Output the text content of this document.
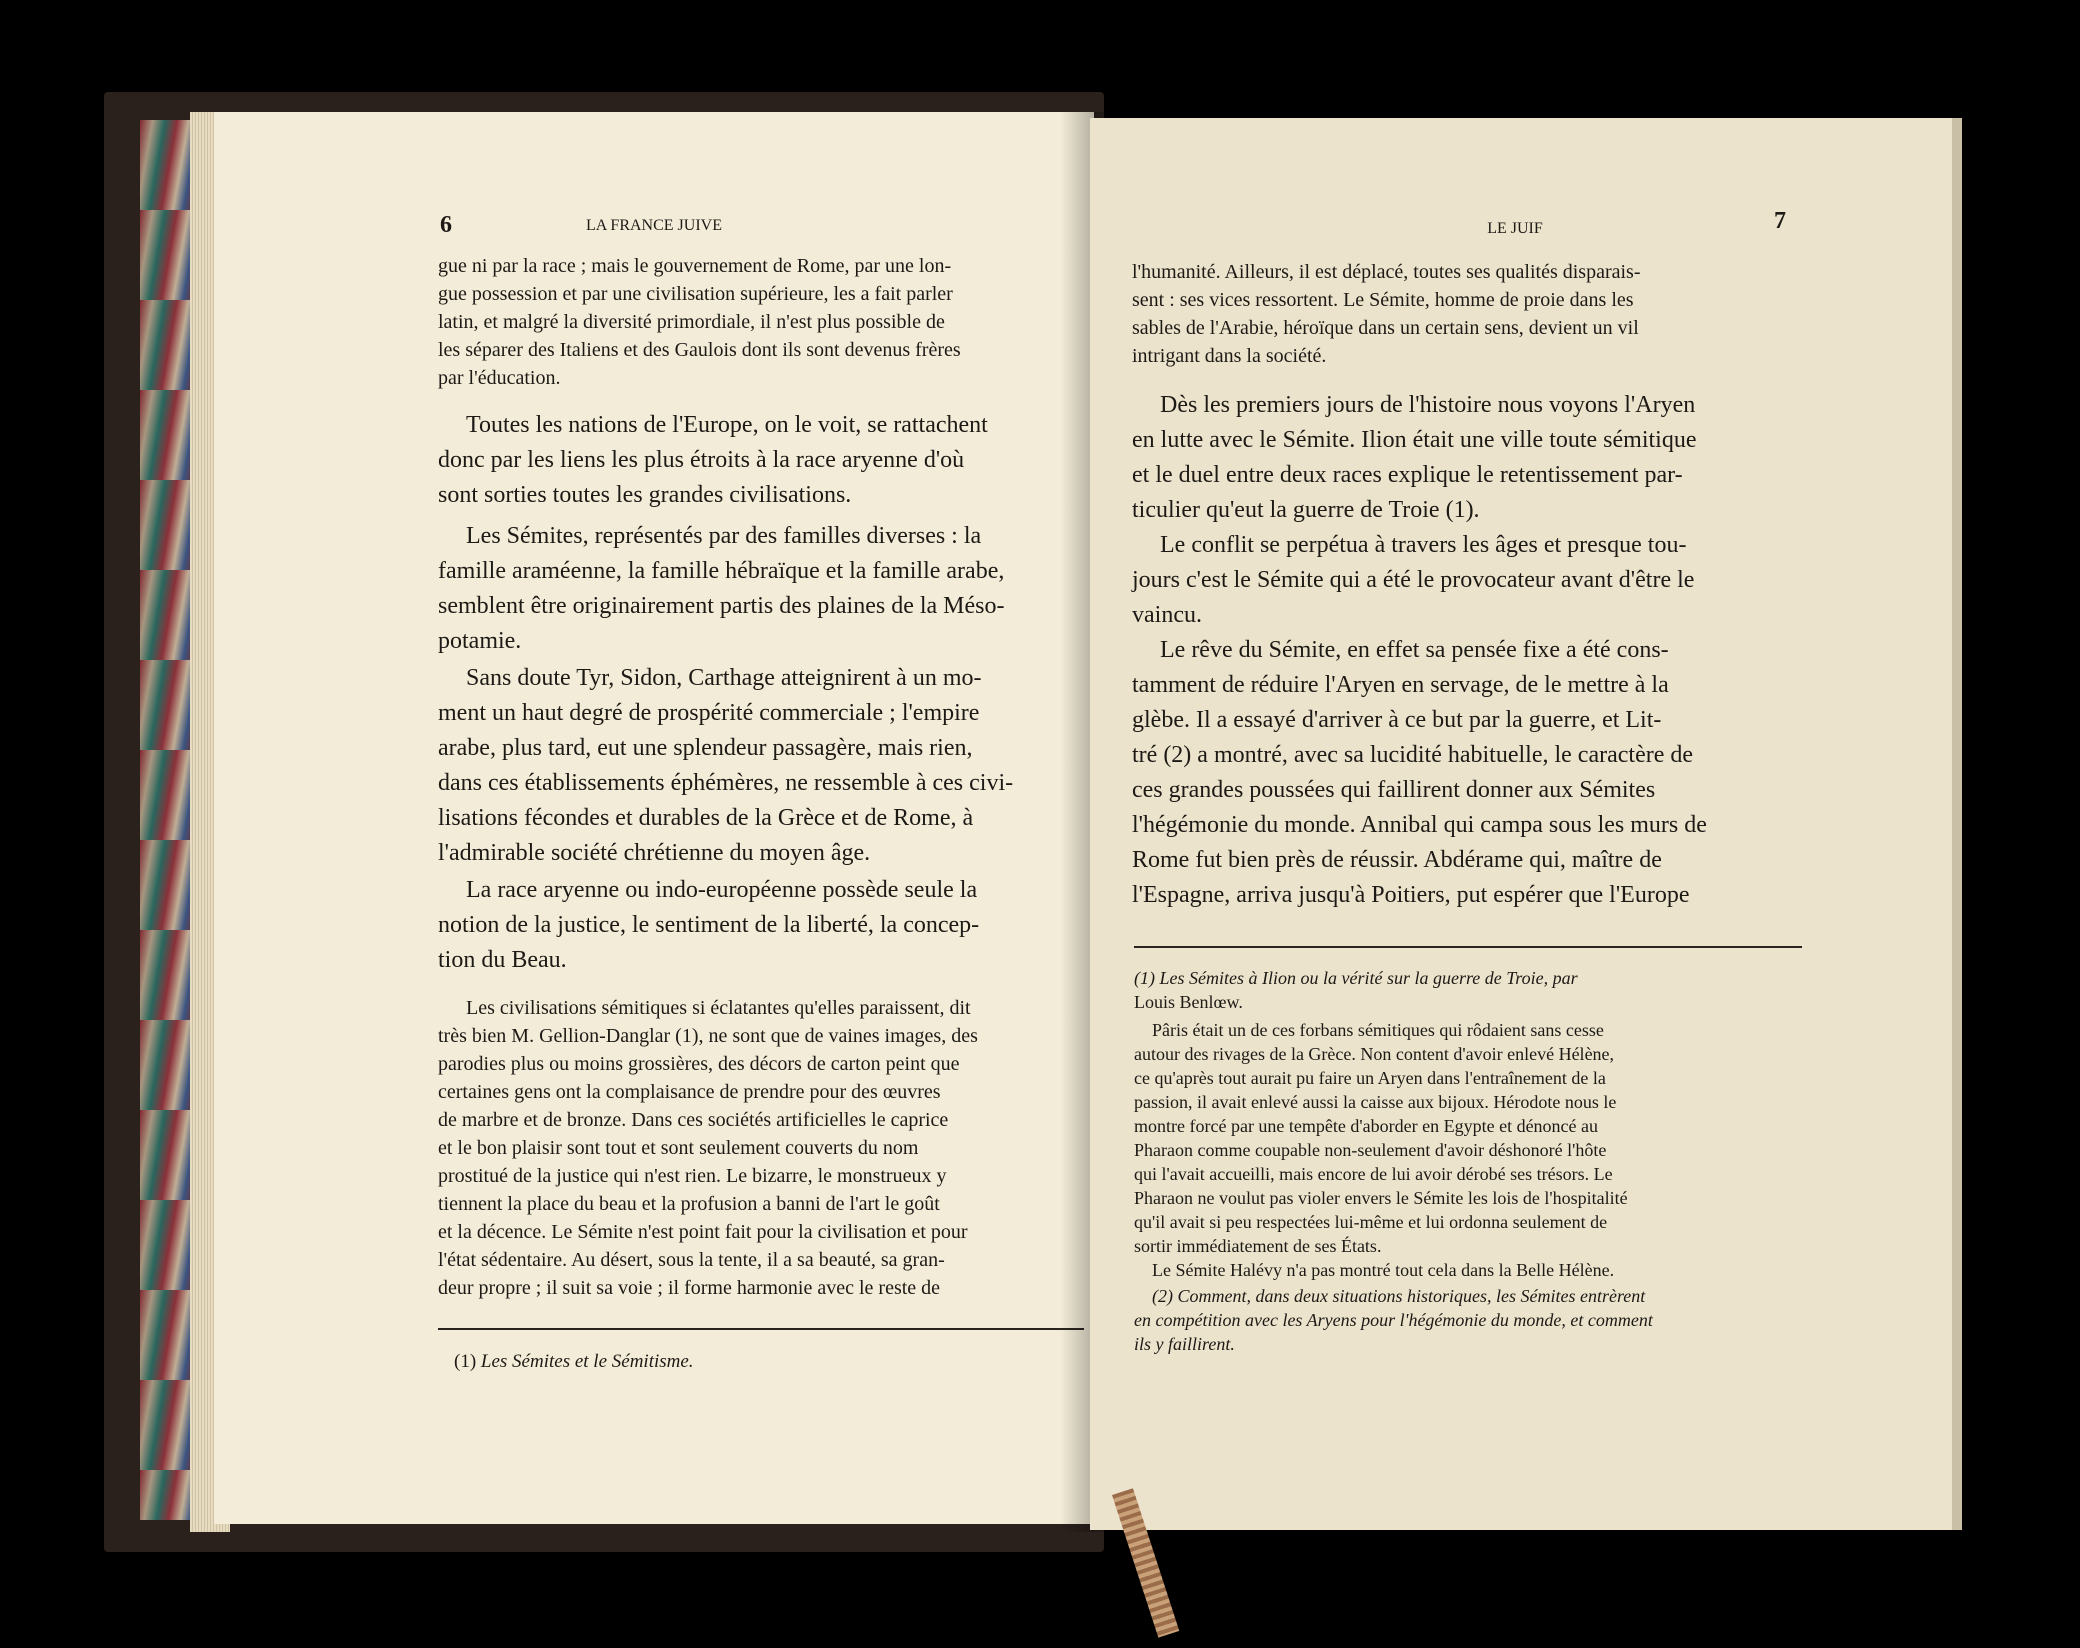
6	LA FRANCE JUIVE

gue ni par la race ; mais le gouvernement de Rome, par une lon-

gue possession et par une civilisation supérieure, les a fait parler

latin, et malgré la diversité primordiale, il n'est plus possible de

les séparer des Italiens et des Gaulois dont ils sont devenus frères

par l'éducation.

Toutes les nations de l'Europe, on le voit, se rattachent

donc par les liens les plus étroits à la race aryenne d'où

sont sorties toutes les grandes civilisations.

Les Sémites, représentés par des familles diverses : la

famille araméenne, la famille hébraïque et la famille arabe,

semblent être originairement partis des plaines de la Méso-

potamie.

Sans doute Tyr, Sidon, Carthage atteignirent à un mo-

ment un haut degré de prospérité commerciale ; l'empire

arabe, plus tard, eut une splendeur passagère, mais rien,

dans ces établissements éphémères, ne ressemble à ces civi-

lisations fécondes et durables de la Grèce et de Rome, à

l'admirable société chrétienne du moyen âge.

La race aryenne ou indo-européenne possède seule la

notion de la justice, le sentiment de la liberté, la concep-

tion du Beau.

Les civilisations sémitiques si éclatantes qu'elles paraissent, dit

très bien M. Gellion-Danglar (1), ne sont que de vaines images, des

parodies plus ou moins grossières, des décors de carton peint que

certaines gens ont la complaisance de prendre pour des œuvres

de marbre et de bronze. Dans ces sociétés artificielles le caprice

et le bon plaisir sont tout et sont seulement couverts du nom

prostitué de la justice qui n'est rien. Le bizarre, le monstrueux y

tiennent la place du beau et la profusion a banni de l'art le goût

et la décence. Le Sémite n'est point fait pour la civilisation et pour

l'état sédentaire. Au désert, sous la tente, il a sa beauté, sa gran-

deur propre ; il suit sa voie ; il forme harmonie avec le reste de

(1) Les Sémites et le Sémitisme.
7
LE JUIF

l'humanité. Ailleurs, il est déplacé, toutes ses qualités disparais-

sent : ses vices ressortent. Le Sémite, homme de proie dans les

sables de l'Arabie, héroïque dans un certain sens, devient un vil

intrigant dans la société.

Dès les premiers jours de l'histoire nous voyons l'Aryen

en lutte avec le Sémite. Ilion était une ville toute sémitique

et le duel entre deux races explique le retentissement par-

ticulier qu'eut la guerre de Troie (1).

Le conflit se perpétua à travers les âges et presque tou-

jours c'est le Sémite qui a été le provocateur avant d'être le

vaincu.

Le rêve du Sémite, en effet sa pensée fixe a été cons-

tamment de réduire l'Aryen en servage, de le mettre à la

glèbe. Il a essayé d'arriver à ce but par la guerre, et Lit-

tré (2) a montré, avec sa lucidité habituelle, le caractère de

ces grandes poussées qui faillirent donner aux Sémites

l'hégémonie du monde. Annibal qui campa sous les murs de

Rome fut bien près de réussir. Abdérame qui, maître de

l'Espagne, arriva jusqu'à Poitiers, put espérer que l'Europe

(1) Les Sémites à Ilion ou la vérité sur la guerre de Troie, par

Louis Benlœw.

Pâris était un de ces forbans sémitiques qui rôdaient sans cesse

autour des rivages de la Grèce. Non content d'avoir enlevé Hélène,

ce qu'après tout aurait pu faire un Aryen dans l'entraînement de la

passion, il avait enlevé aussi la caisse aux bijoux. Hérodote nous le

montre forcé par une tempête d'aborder en Egypte et dénoncé au

Pharaon comme coupable non-seulement d'avoir déshonoré l'hôte

qui l'avait accueilli, mais encore de lui avoir dérobé ses trésors. Le

Pharaon ne voulut pas violer envers le Sémite les lois de l'hospitalité

qu'il avait si peu respectées lui-même et lui ordonna seulement de

sortir immédiatement de ses États.

Le Sémite Halévy n'a pas montré tout cela dans la Belle Hélène.

(2) Comment, dans deux situations historiques, les Sémites entrèrent

en compétition avec les Aryens pour l'hégémonie du monde, et comment

ils y faillirent.
